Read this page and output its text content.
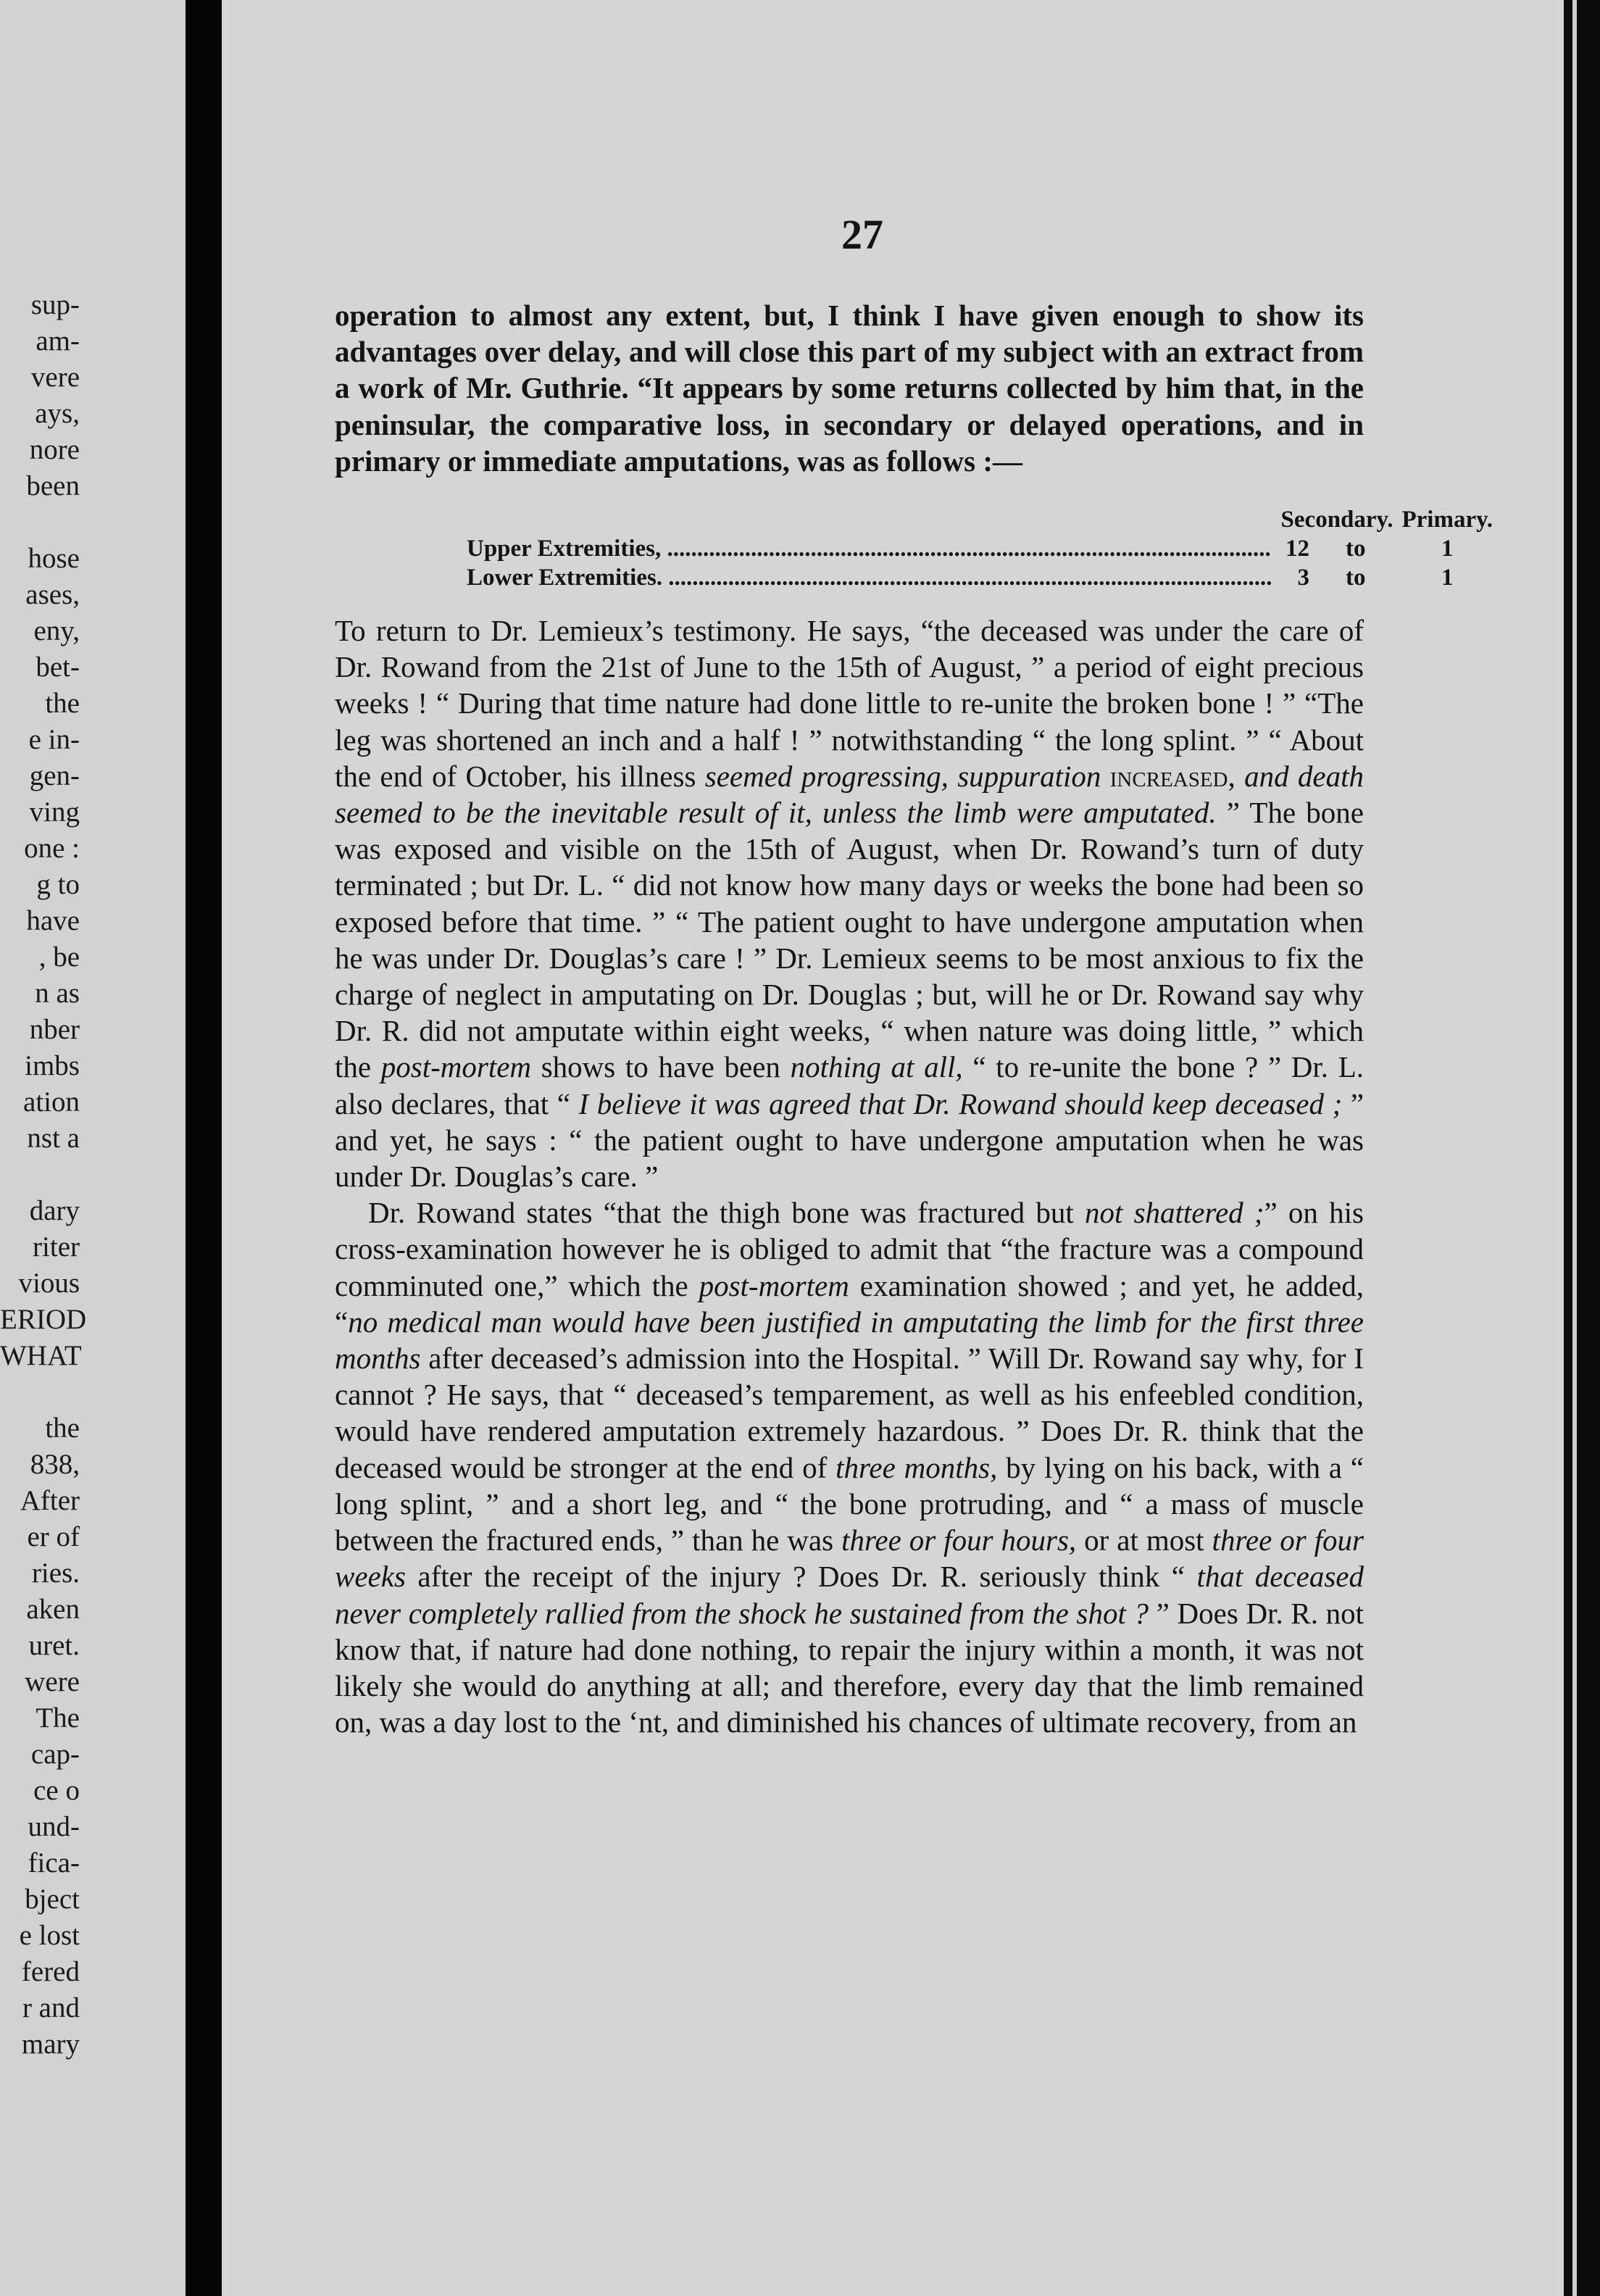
sup-
am-
vere
ays,
nore
been

hose
ases,
eny,
bet-
the
e in-
gen-
ving
one :
g to
have
, be
n as
nber
imbs
ation
nst a

dary
riter
vious
ERIOD
WHAT

the
838,
After
er of
ries.
aken
uret.
were
The
cap-
ce o
und-
fica-
bject
e lost
fered
r and
mary
27

operation to almost any extent, but, I think I have given enough to show its advantages over delay, and will close this part of my subject with an extract from a work of Mr. Guthrie. “It appears by some returns collected by him that, in the peninsular, the comparative loss, in secondary or delayed operations, and in primary or immediate amputations, was as follows :—

	Secondary.		Primary.
Upper Extremities, .....	12	to	1
Lower Extremities. .....	3	to	1

To return to Dr. Lemieux’s testimony. He says, “the deceased was under the care of Dr. Rowand from the 21st of June to the 15th of August, ” a period of eight precious weeks ! “ During that time nature had done little to re-unite the broken bone ! ” “The leg was shortened an inch and a half ! ” notwithstanding “ the long splint. ” “ About the end of October, his illness seemed progressing, suppuration increased, and death seemed to be the inevitable result of it, unless the limb were amputated. ” The bone was exposed and visible on the 15th of August, when Dr. Rowand’s turn of duty terminated ; but Dr. L. “ did not know how many days or weeks the bone had been so exposed before that time. ” “ The patient ought to have undergone amputation when he was under Dr. Douglas’s care ! ” Dr. Lemieux seems to be most anxious to fix the charge of neglect in amputating on Dr. Douglas ; but, will he or Dr. Rowand say why Dr. R. did not amputate within eight weeks, “ when nature was doing little, ” which the post-mortem shows to have been nothing at all, “ to re-unite the bone ? ” Dr. L. also declares, that “ I believe it was agreed that Dr. Rowand should keep deceased ; ” and yet, he says : “ the patient ought to have undergone amputation when he was under Dr. Douglas’s care. ”

Dr. Rowand states “that the thigh bone was fractured but not shattered ;” on his cross-examination however he is obliged to admit that “the fracture was a compound comminuted one,” which the post-mortem examination showed ; and yet, he added, “no medical man would have been justified in amputating the limb for the first three months after deceased’s admission into the Hospital. ” Will Dr. Rowand say why, for I cannot ? He says, that “ deceased’s temparement, as well as his enfeebled condition, would have rendered amputation extremely hazardous. ” Does Dr. R. think that the deceased would be stronger at the end of three months, by lying on his back, with a “ long splint, ” and a short leg, and “ the bone protruding, and “ a mass of muscle between the fractured ends, ” than he was three or four hours, or at most three or four weeks after the receipt of the injury ? Does Dr. R. seriously think “ that deceased never completely rallied from the shock he sustained from the shot ? ” Does Dr. R. not know that, if nature had done nothing, to repair the injury within a month, it was not likely she would do anything at all; and therefore, every day that the limb remained on, was a day lost to the ‘nt, and diminished his chances of ultimate recovery, from an
